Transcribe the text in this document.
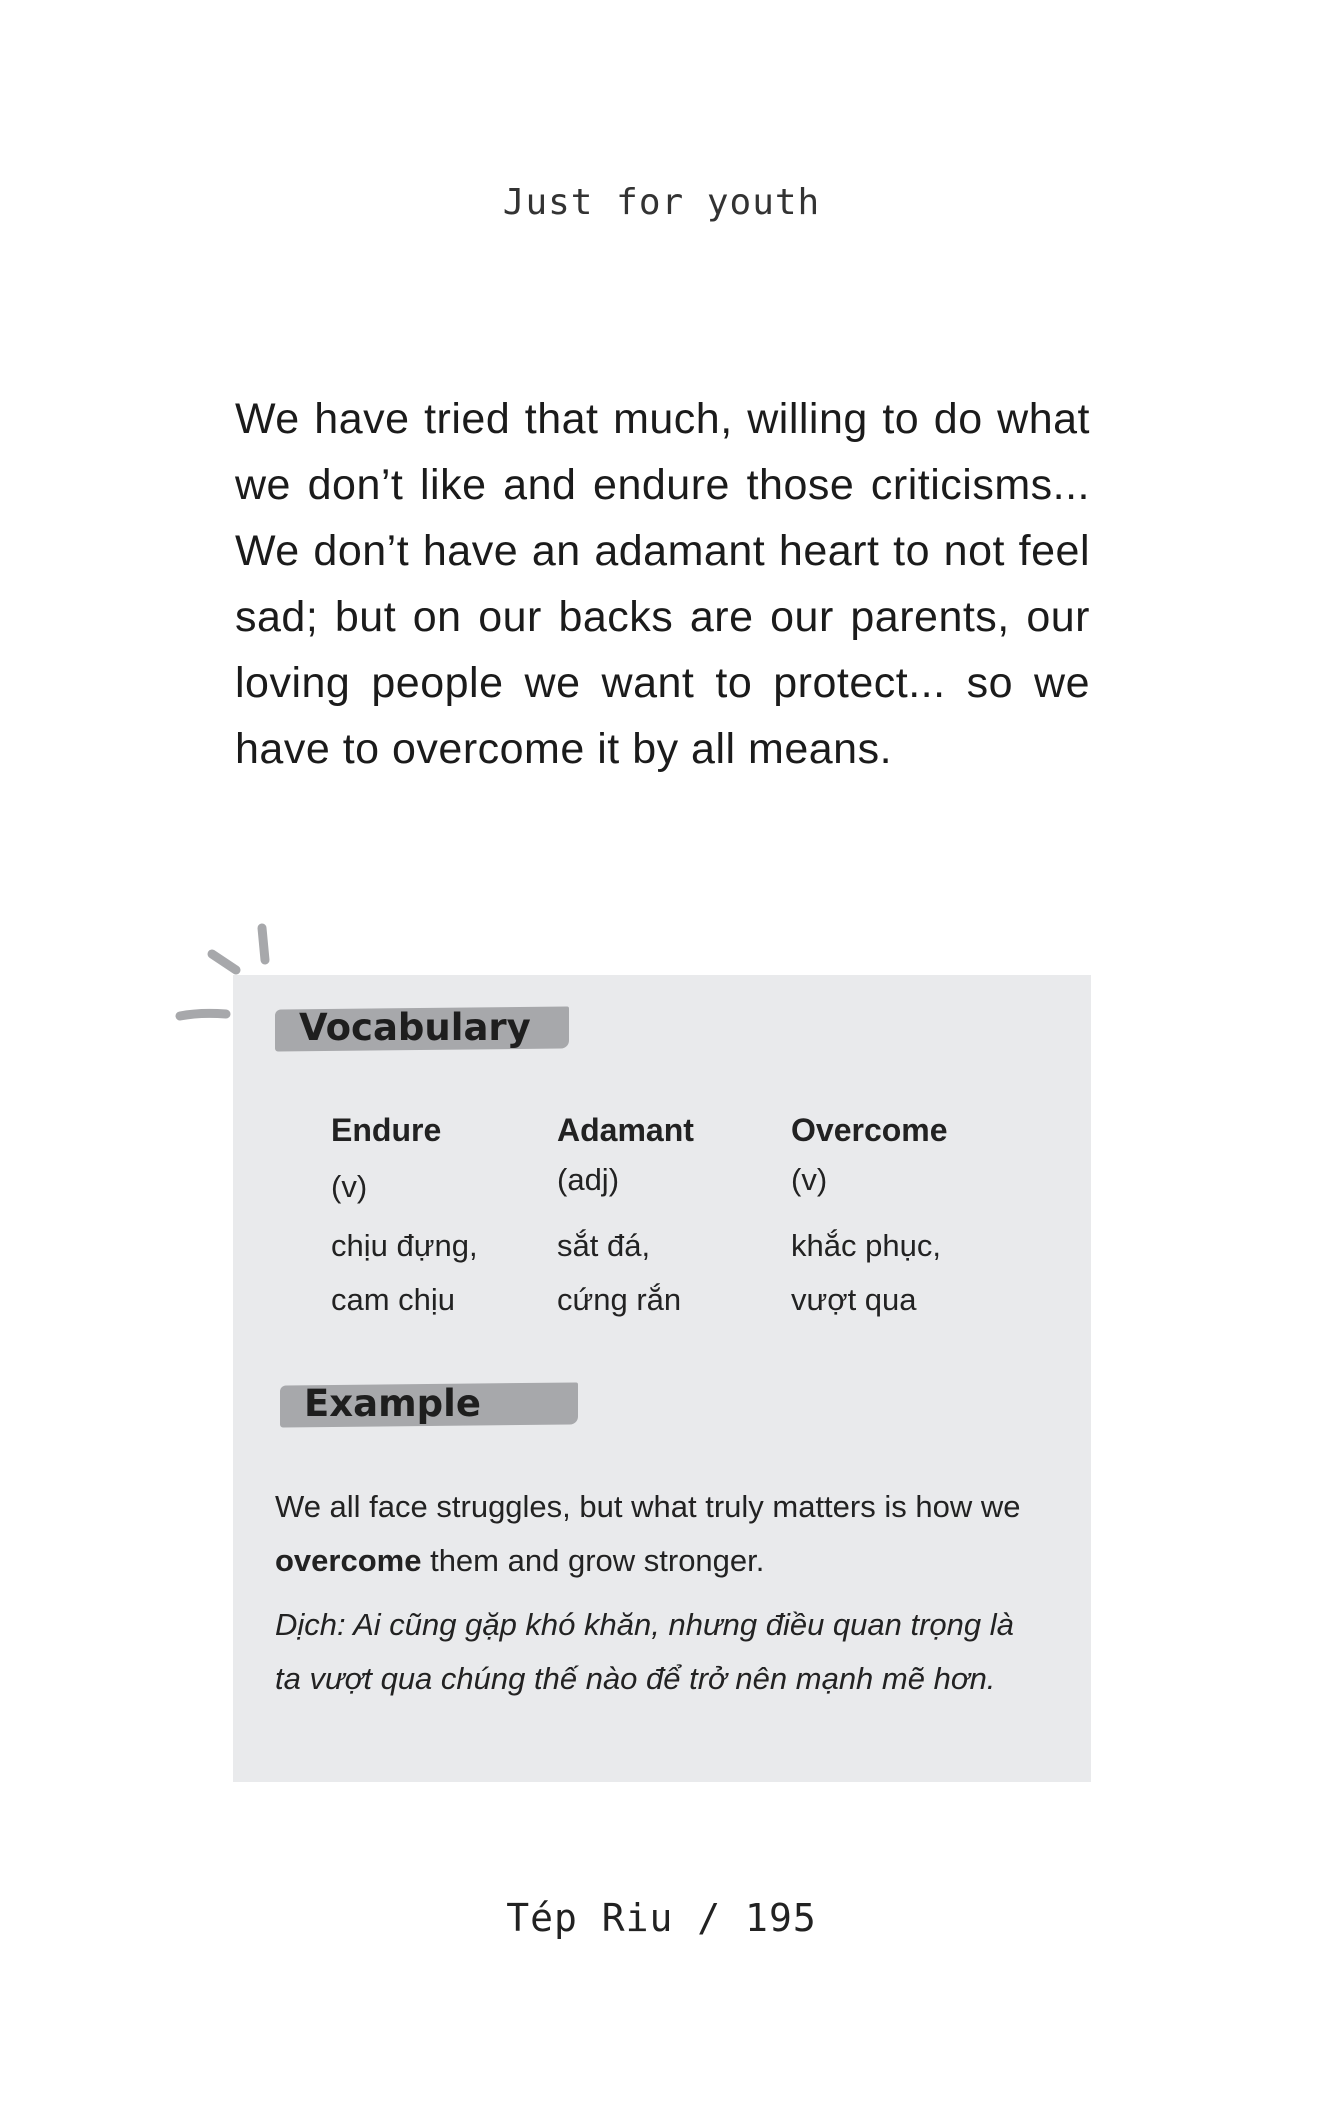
Just for youth
We have tried that much, willing to do what we don’t like and endure those criticisms... We don’t have an adamant heart to not feel sad; but on our backs are our parents, our loving people we want to protect... so we have to overcome it by all means.
Vocabulary
Endure
(v)
chịu đựng,
cam chịu
Adamant
(adj)
sắt đá,
cứng rắn
Overcome
(v)
khắc phục,
vượt qua
Example
We all face struggles, but what truly matters is how we overcome them and grow stronger.
Dịch: Ai cũng gặp khó khăn, nhưng điều quan trọng là ta vượt qua chúng thế nào để trở nên mạnh mẽ hơn.
Tép Riu / 195
